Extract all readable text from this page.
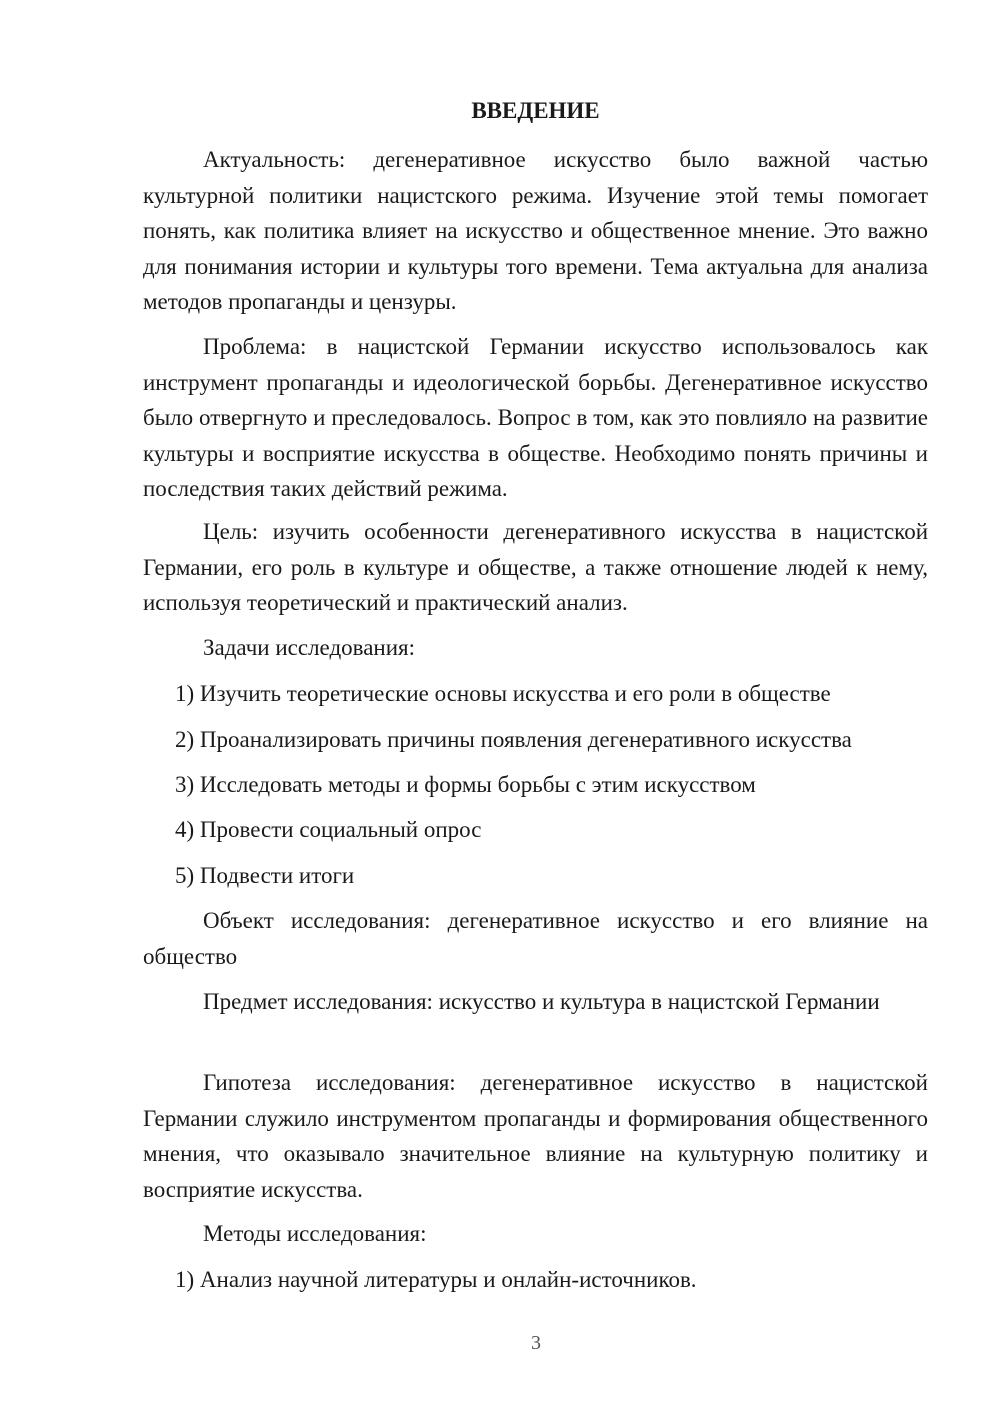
ВВЕДЕНИЕ

Актуальность: дегенеративное искусство было важной частью культурной политики нацистского режима. Изучение этой темы помогает понять, как политика влияет на искусство и общественное мнение. Это важно для понимания истории и культуры того времени. Тема актуальна для анализа методов пропаганды и цензуры.

Проблема: в нацистской Германии искусство использовалось как инструмент пропаганды и идеологической борьбы. Дегенеративное искусство было отвергнуто и преследовалось. Вопрос в том, как это повлияло на развитие культуры и восприятие искусства в обществе. Необходимо понять причины и последствия таких действий режима.

Цель: изучить особенности дегенеративного искусства в нацистской Германии, его роль в культуре и обществе, а также отношение людей к нему, используя теоретический и практический анализ.

Задачи исследования:

1) Изучить теоретические основы искусства и его роли в обществе

2) Проанализировать причины появления дегенеративного искусства

3) Исследовать методы и формы борьбы с этим искусством

4) Провести социальный опрос

5) Подвести итоги

Объект исследования: дегенеративное искусство и его влияние на общество

Предмет исследования: искусство и культура в нацистской Германии

Гипотеза исследования: дегенеративное искусство в нацистской Германии служило инструментом пропаганды и формирования общественного мнения, что оказывало значительное влияние на культурную политику и восприятие искусства.

Методы исследования:

1) Анализ научной литературы и онлайн-источников.

3
